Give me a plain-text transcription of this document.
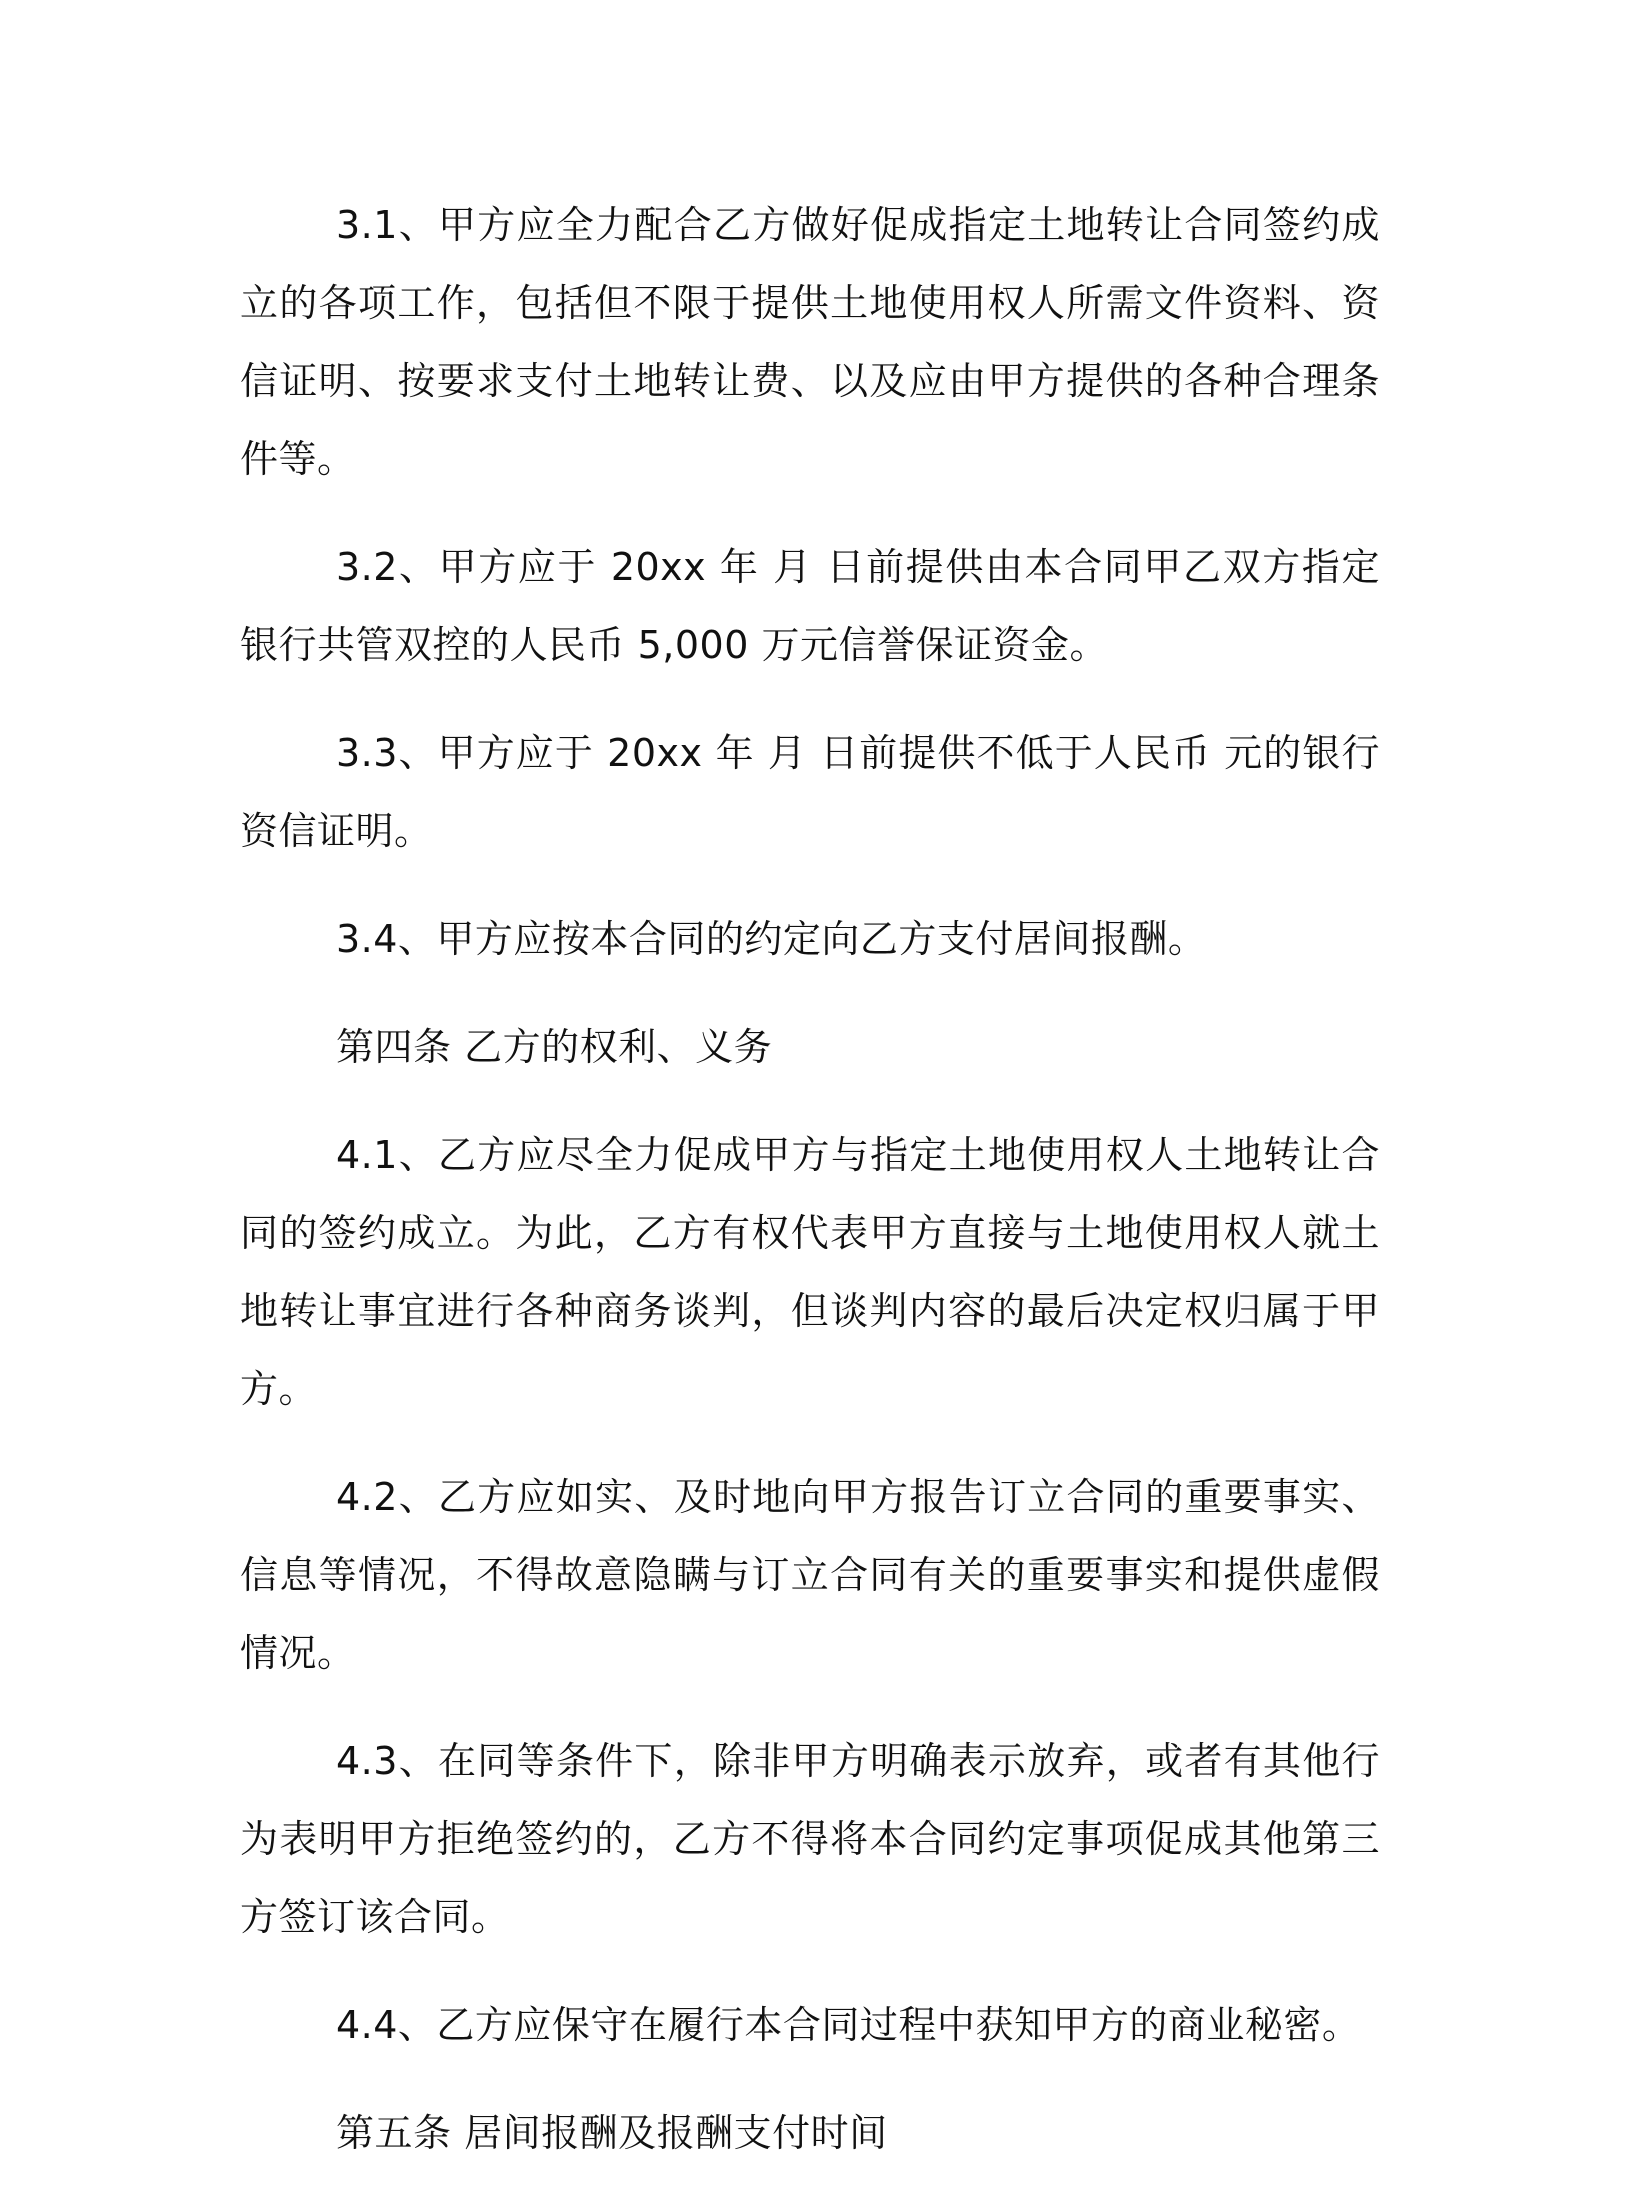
3.1、甲方应全力配合乙方做好促成指定土地转让合同签约成立的各项工作，包括但不限于提供土地使用权人所需文件资料、资信证明、按要求支付土地转让费、以及应由甲方提供的各种合理条件等。

3.2、甲方应于 20xx 年 月 日前提供由本合同甲乙双方指定银行共管双控的人民币 5,000 万元信誉保证资金。

3.3、甲方应于 20xx 年 月 日前提供不低于人民币 元的银行资信证明。

3.4、甲方应按本合同的约定向乙方支付居间报酬。

第四条 乙方的权利、义务

4.1、乙方应尽全力促成甲方与指定土地使用权人土地转让合同的签约成立。为此，乙方有权代表甲方直接与土地使用权人就土地转让事宜进行各种商务谈判，但谈判内容的最后决定权归属于甲方。

4.2、乙方应如实、及时地向甲方报告订立合同的重要事实、信息等情况，不得故意隐瞒与订立合同有关的重要事实和提供虚假情况。

4.3、在同等条件下，除非甲方明确表示放弃，或者有其他行为表明甲方拒绝签约的，乙方不得将本合同约定事项促成其他第三方签订该合同。

4.4、乙方应保守在履行本合同过程中获知甲方的商业秘密。

第五条 居间报酬及报酬支付时间
